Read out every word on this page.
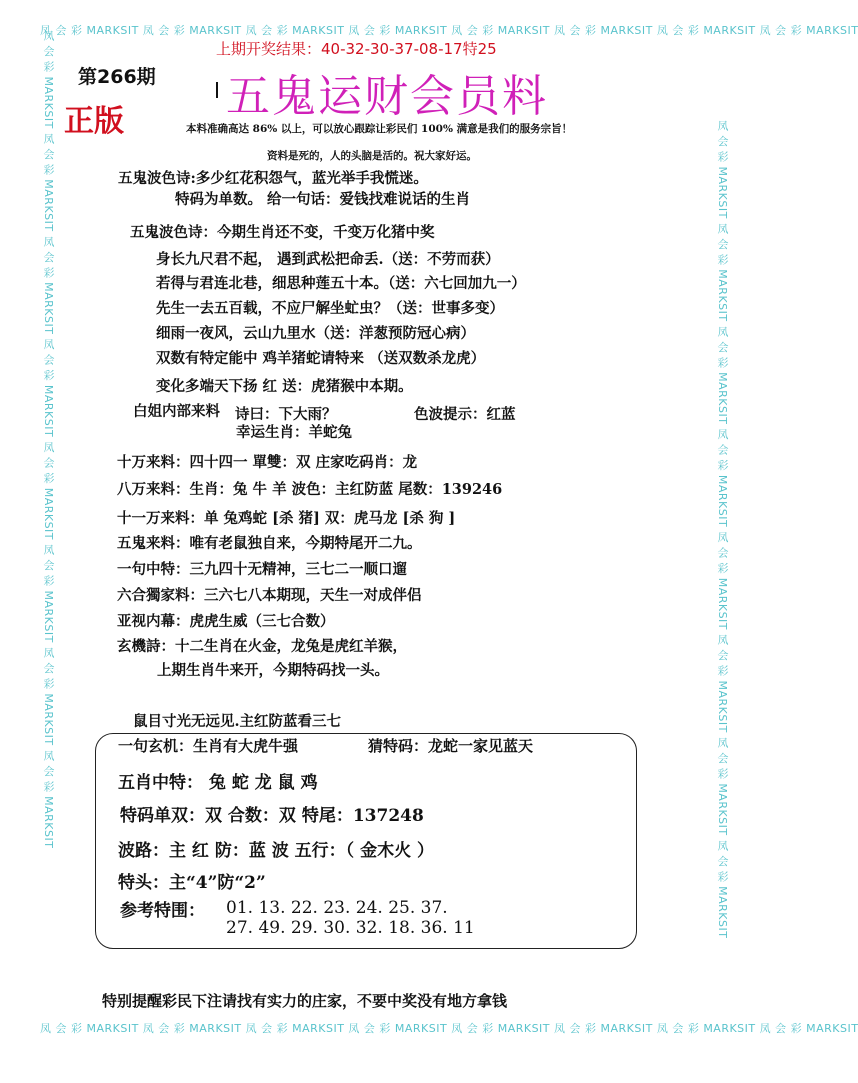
凤 会 彩 MARKSIT 凤 会 彩 MARKSIT 凤 会 彩 MARKSIT 凤 会 彩 MARKSIT 凤 会 彩 MARKSIT 凤 会 彩 MARKSIT 凤 会 彩 MARKSIT 凤 会 彩 MARKSIT
凤 会 彩 MARKSIT 凤 会 彩 MARKSIT 凤 会 彩 MARKSIT 凤 会 彩 MARKSIT 凤 会 彩 MARKSIT 凤 会 彩 MARKSIT 凤 会 彩 MARKSIT 凤 会 彩 MARKSIT
凤 会 彩 MARKSIT 凤 会 彩 MARKSIT 凤 会 彩 MARKSIT 凤 会 彩 MARKSIT 凤 会 彩 MARKSIT 凤 会 彩 MARKSIT 凤 会 彩 MARKSIT 凤 会 彩 MARKSIT	凤 会 彩 MARKSIT 凤 会 彩 MARKSIT 凤 会 彩 MARKSIT 凤 会 彩 MARKSIT 凤 会 彩 MARKSIT 凤 会 彩 MARKSIT 凤 会 彩 MARKSIT 凤 会 彩 MARKSIT
上期开奖结果：40-32-30-37-08-17特25
第266期 五鬼运财会员料
正版	本料准确高达 86% 以上，可以放心跟踪让彩民们 100% 满意是我们的服务宗旨！
资料是死的，人的头脑是活的。祝大家好运。
五鬼波色诗:多少红花积怨气，蓝光举手我慌迷。
特码为单数。 给一句话：爱钱找难说话的生肖
五鬼波色诗：今期生肖还不变，千变万化猪中奖
身长九尺君不起， 遇到武松把命丢.（送：不劳而获）
若得与君连北巷，细思种莲五十本。（送：六七回加九一）
先生一去五百载，不应尸解坐虻虫？（送：世事多变）
细雨一夜风，云山九里水（送：洋葱预防冠心病）
双数有特定能中 鸡羊猪蛇请特来 （送双数杀龙虎）
变化多端天下扬 红 送：虎猪猴中本期。
白姐内部来料 诗曰：下大雨？	色波提示：红蓝
幸运生肖：羊蛇兔
十万来料：四十四一 單雙：双 庄家吃码肖：龙
八万来料：生肖：兔 牛 羊 波色：主红防蓝 尾数：139246
十一万来料：单 兔鸡蛇 [杀 猪] 双：虎马龙 [杀 狗 ]
五鬼来料：唯有老鼠独自来，今期特尾开二九。
一句中特：三九四十无精神，三七二一顺口遛
六合獨家料：三六七八本期现，天生一对成伴侣
亚视内幕：虎虎生威（三七合数）
玄機詩：十二生肖在火金，龙兔是虎红羊猴，
上期生肖牛来开，今期特码找一头。
鼠目寸光无远见.主红防蓝看三七
一句玄机：生肖有大虎牛强	猜特码：龙蛇一家见蓝天
五肖中特： 兔 蛇 龙 鼠 鸡
特码单双：双 合数：双 特尾：137248
波路：主 红 防：蓝 波 五行：（ 金木火 ）
特头：主“4”防“2”
参考特围： 01. 13. 22. 23. 24. 25. 37.
27. 49. 29. 30. 32. 18. 36. 11
特别提醒彩民下注请找有实力的庄家，不要中奖没有地方拿钱
